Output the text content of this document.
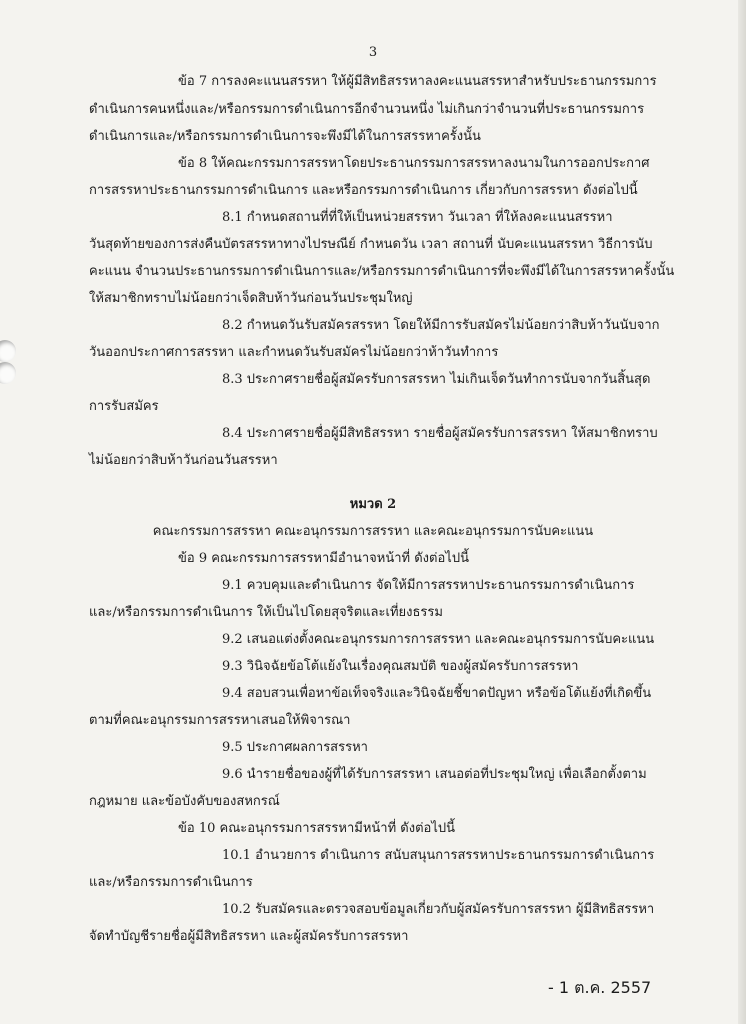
3
ข้อ 7 การลงคะแนนสรรหา ให้ผู้มีสิทธิสรรหาลงคะแนนสรรหาสำหรับประธานกรรมการ
ดำเนินการคนหนึ่งและ/หรือกรรมการดำเนินการอีกจำนวนหนึ่ง ไม่เกินกว่าจำนวนที่ประธานกรรมการ
ดำเนินการและ/หรือกรรมการดำเนินการจะพึงมีได้ในการสรรหาครั้งนั้น
ข้อ 8 ให้คณะกรรมการสรรหาโดยประธานกรรมการสรรหาลงนามในการออกประกาศ
การสรรหาประธานกรรมการดำเนินการ และหรือกรรมการดำเนินการ เกี่ยวกับการสรรหา ดังต่อไปนี้
8.1 กำหนดสถานที่ที่ให้เป็นหน่วยสรรหา วันเวลา ที่ให้ลงคะแนนสรรหา
วันสุดท้ายของการส่งคืนบัตรสรรหาทางไปรษณีย์ กำหนดวัน เวลา สถานที่ นับคะแนนสรรหา วิธีการนับ
คะแนน จำนวนประธานกรรมการดำเนินการและ/หรือกรรมการดำเนินการที่จะพึงมีได้ในการสรรหาครั้งนั้น
ให้สมาชิกทราบไม่น้อยกว่าเจ็ดสิบห้าวันก่อนวันประชุมใหญ่
8.2 กำหนดวันรับสมัครสรรหา โดยให้มีการรับสมัครไม่น้อยกว่าสิบห้าวันนับจาก
วันออกประกาศการสรรหา และกำหนดวันรับสมัครไม่น้อยกว่าห้าวันทำการ
8.3 ประกาศรายชื่อผู้สมัครรับการสรรหา ไม่เกินเจ็ดวันทำการนับจากวันสิ้นสุด
การรับสมัคร
8.4 ประกาศรายชื่อผู้มีสิทธิสรรหา รายชื่อผู้สมัครรับการสรรหา ให้สมาชิกทราบ
ไม่น้อยกว่าสิบห้าวันก่อนวันสรรหา
หมวด 2
คณะกรรมการสรรหา คณะอนุกรรมการสรรหา และคณะอนุกรรมการนับคะแนน
ข้อ 9 คณะกรรมการสรรหามีอำนาจหน้าที่ ดังต่อไปนี้
9.1 ควบคุมและดำเนินการ จัดให้มีการสรรหาประธานกรรมการดำเนินการ
และ/หรือกรรมการดำเนินการ ให้เป็นไปโดยสุจริตและเที่ยงธรรม
9.2 เสนอแต่งตั้งคณะอนุกรรมการการสรรหา และคณะอนุกรรมการนับคะแนน
9.3 วินิจฉัยข้อโต้แย้งในเรื่องคุณสมบัติ ของผู้สมัครรับการสรรหา
9.4 สอบสวนเพื่อหาข้อเท็จจริงและวินิจฉัยชี้ขาดปัญหา หรือข้อโต้แย้งที่เกิดขึ้น
ตามที่คณะอนุกรรมการสรรหาเสนอให้พิจารณา
9.5 ประกาศผลการสรรหา
9.6 นำรายชื่อของผู้ที่ได้รับการสรรหา เสนอต่อที่ประชุมใหญ่ เพื่อเลือกตั้งตาม
กฎหมาย และข้อบังคับของสหกรณ์
ข้อ 10 คณะอนุกรรมการสรรหามีหน้าที่ ดังต่อไปนี้
10.1 อำนวยการ ดำเนินการ สนับสนุนการสรรหาประธานกรรมการดำเนินการ
และ/หรือกรรมการดำเนินการ
10.2 รับสมัครและตรวจสอบข้อมูลเกี่ยวกับผู้สมัครรับการสรรหา ผู้มีสิทธิสรรหา
จัดทำบัญชีรายชื่อผู้มีสิทธิสรรหา และผู้สมัครรับการสรรหา
- 1 ต.ค. 2557
